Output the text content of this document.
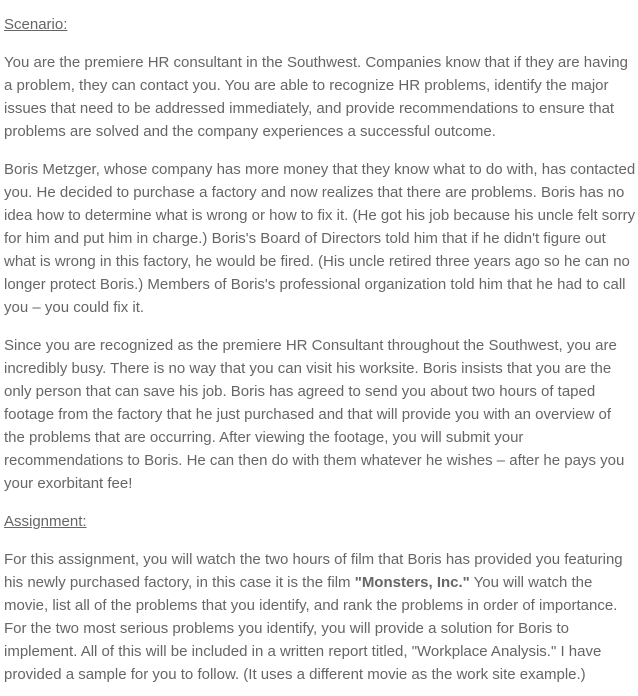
Scenario:

You are the premiere HR consultant in the Southwest. Companies know that if they are having a problem, they can contact you. You are able to recognize HR problems, identify the major issues that need to be addressed immediately, and provide recommendations to ensure that problems are solved and the company experiences a successful outcome.

Boris Metzger, whose company has more money that they know what to do with, has contacted you. He decided to purchase a factory and now realizes that there are problems. Boris has no idea how to determine what is wrong or how to fix it. (He got his job because his uncle felt sorry for him and put him in charge.) Boris's Board of Directors told him that if he didn't figure out what is wrong in this factory, he would be fired. (His uncle retired three years ago so he can no longer protect Boris.) Members of Boris's professional organization told him that he had to call you – you could fix it.

Since you are recognized as the premiere HR Consultant throughout the Southwest, you are incredibly busy. There is no way that you can visit his worksite. Boris insists that you are the only person that can save his job. Boris has agreed to send you about two hours of taped footage from the factory that he just purchased and that will provide you with an overview of the problems that are occurring. After viewing the footage, you will submit your recommendations to Boris. He can then do with them whatever he wishes – after he pays you your exorbitant fee!

Assignment:

For this assignment, you will watch the two hours of film that Boris has provided you featuring his newly purchased factory, in this case it is the film "Monsters, Inc." You will watch the movie, list all of the problems that you identify, and rank the problems in order of importance. For the two most serious problems you identify, you will provide a solution for Boris to implement. All of this will be included in a written report titled, "Workplace Analysis." I have provided a sample for you to follow. (It uses a different movie as the work site example.)
